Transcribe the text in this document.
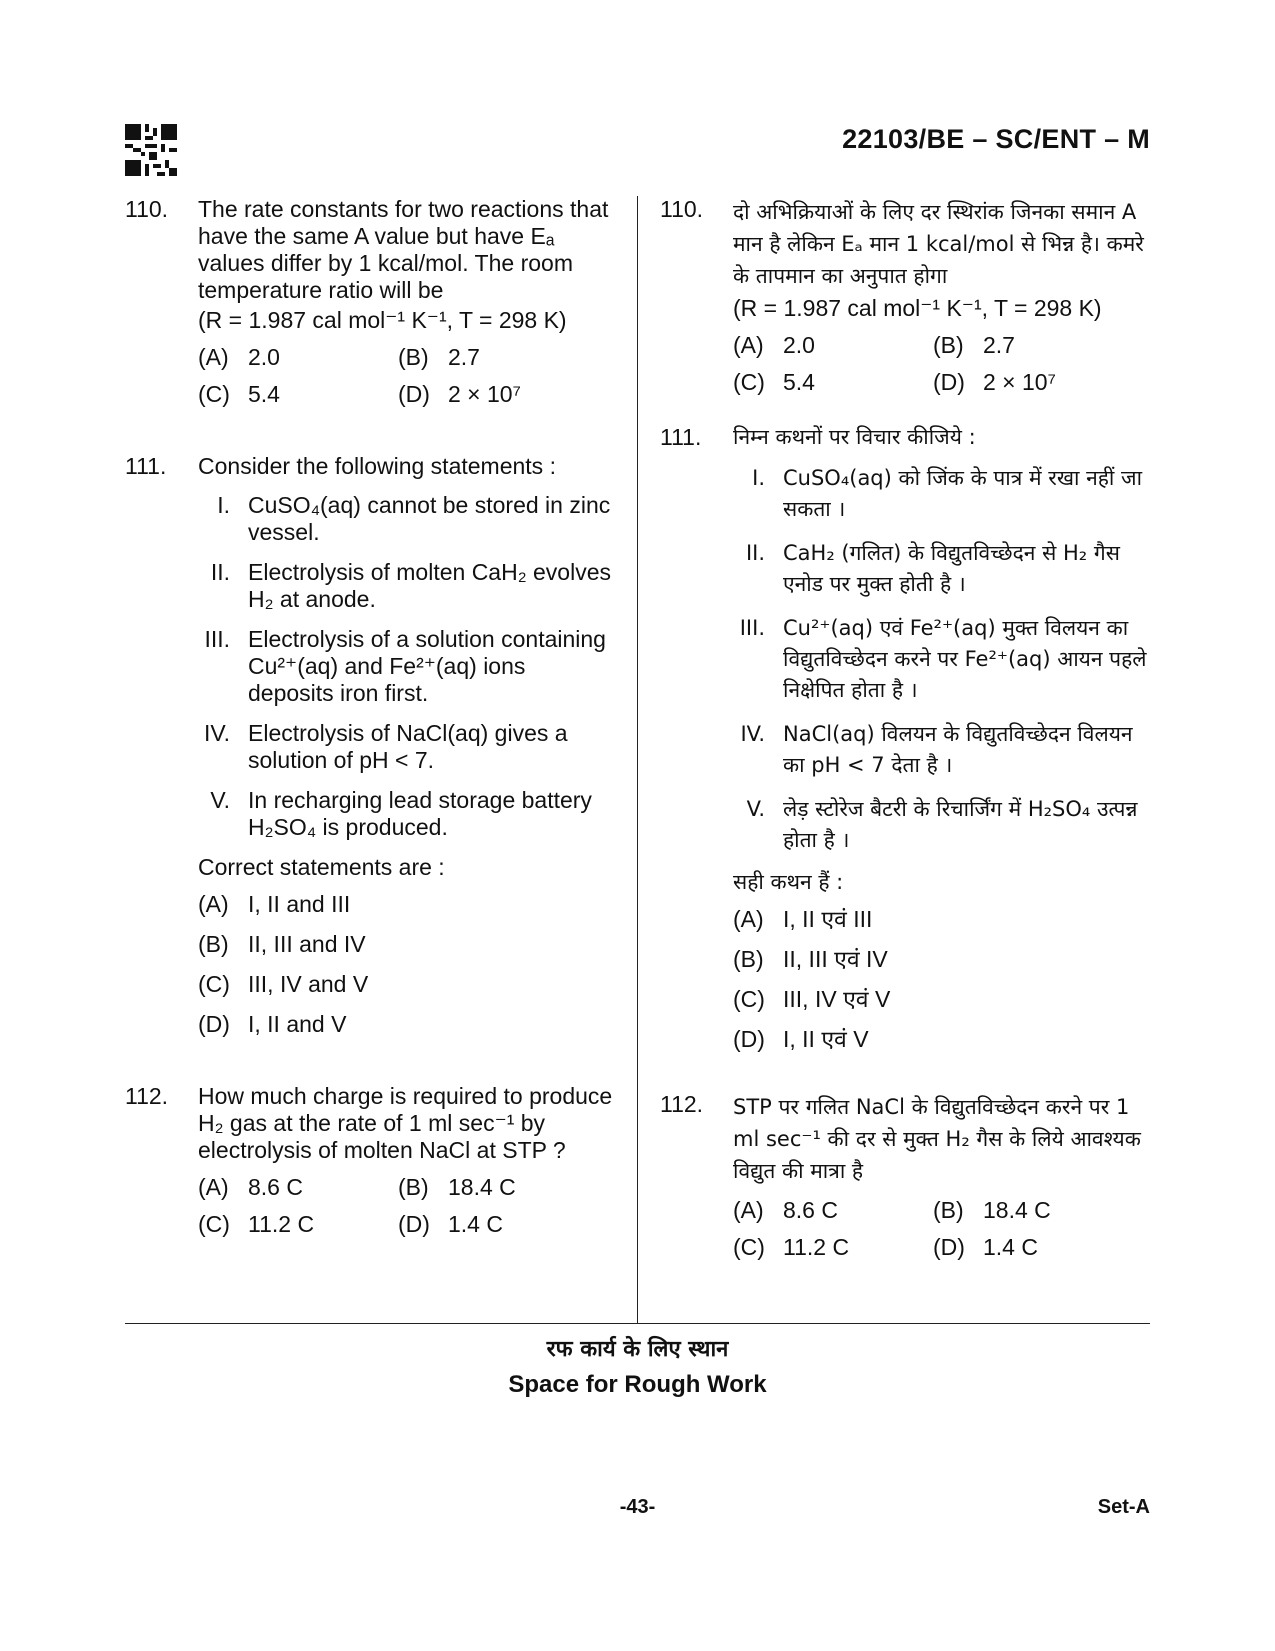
22103/BE – SC/ENT – M
110. The rate constants for two reactions that have the same A value but have Eₐ values differ by 1 kcal/mol. The room temperature ratio will be
(R = 1.987 cal mol⁻¹ K⁻¹, T = 298 K)
(A) 2.0	(B) 2.7
(C) 5.4	(D) 2 × 10⁷
111. Consider the following statements :
I. CuSO₄(aq) cannot be stored in zinc vessel.
II. Electrolysis of molten CaH₂ evolves H₂ at anode.
III. Electrolysis of a solution containing Cu²⁺(aq) and Fe²⁺(aq) ions deposits iron first.
IV. Electrolysis of NaCl(aq) gives a solution of pH < 7.
V. In recharging lead storage battery H₂SO₄ is produced.
Correct statements are :
(A) I, II and III
(B) II, III and IV
(C) III, IV and V
(D) I, II and V
112. How much charge is required to produce H₂ gas at the rate of 1 ml sec⁻¹ by electrolysis of molten NaCl at STP ?
(A) 8.6 C	(B) 18.4 C
(C) 11.2 C	(D) 1.4 C
110. दो अभिक्रियाओं के लिए दर स्थिरांक जिनका समान A मान है लेकिन Eₐ मान 1 kcal/mol से भिन्न है। कमरे के तापमान का अनुपात होगा
(R = 1.987 cal mol⁻¹ K⁻¹, T = 298 K)
(A) 2.0	(B) 2.7
(C) 5.4	(D) 2 × 10⁷
111. निम्न कथनों पर विचार कीजिये :
I. CuSO₄(aq) को जिंक के पात्र में रखा नहीं जा सकता ।
II. CaH₂ (गलित) के विद्युतविच्छेदन से H₂ गैस एनोड पर मुक्त होती है ।
III. Cu²⁺(aq) एवं Fe²⁺(aq) मुक्त विलयन का विद्युतविच्छेदन करने पर Fe²⁺(aq) आयन पहले निक्षेपित होता है ।
IV. NaCl(aq) विलयन के विद्युतविच्छेदन विलयन का pH < 7 देता है ।
V. लेड़ स्टोरेज बैटरी के रिचार्जिंग में H₂SO₄ उत्पन्न होता है ।
सही कथन हैं :
(A) I, II एवं III
(B) II, III एवं IV
(C) III, IV एवं V
(D) I, II एवं V
112. STP पर गलित NaCl के विद्युतविच्छेदन करने पर 1 ml sec⁻¹ की दर से मुक्त H₂ गैस के लिये आवश्यक विद्युत की मात्रा है
(A) 8.6 C	(B) 18.4 C
(C) 11.2 C	(D) 1.4 C
रफ कार्य के लिए स्थान
Space for Rough Work
-43-	Set-A
